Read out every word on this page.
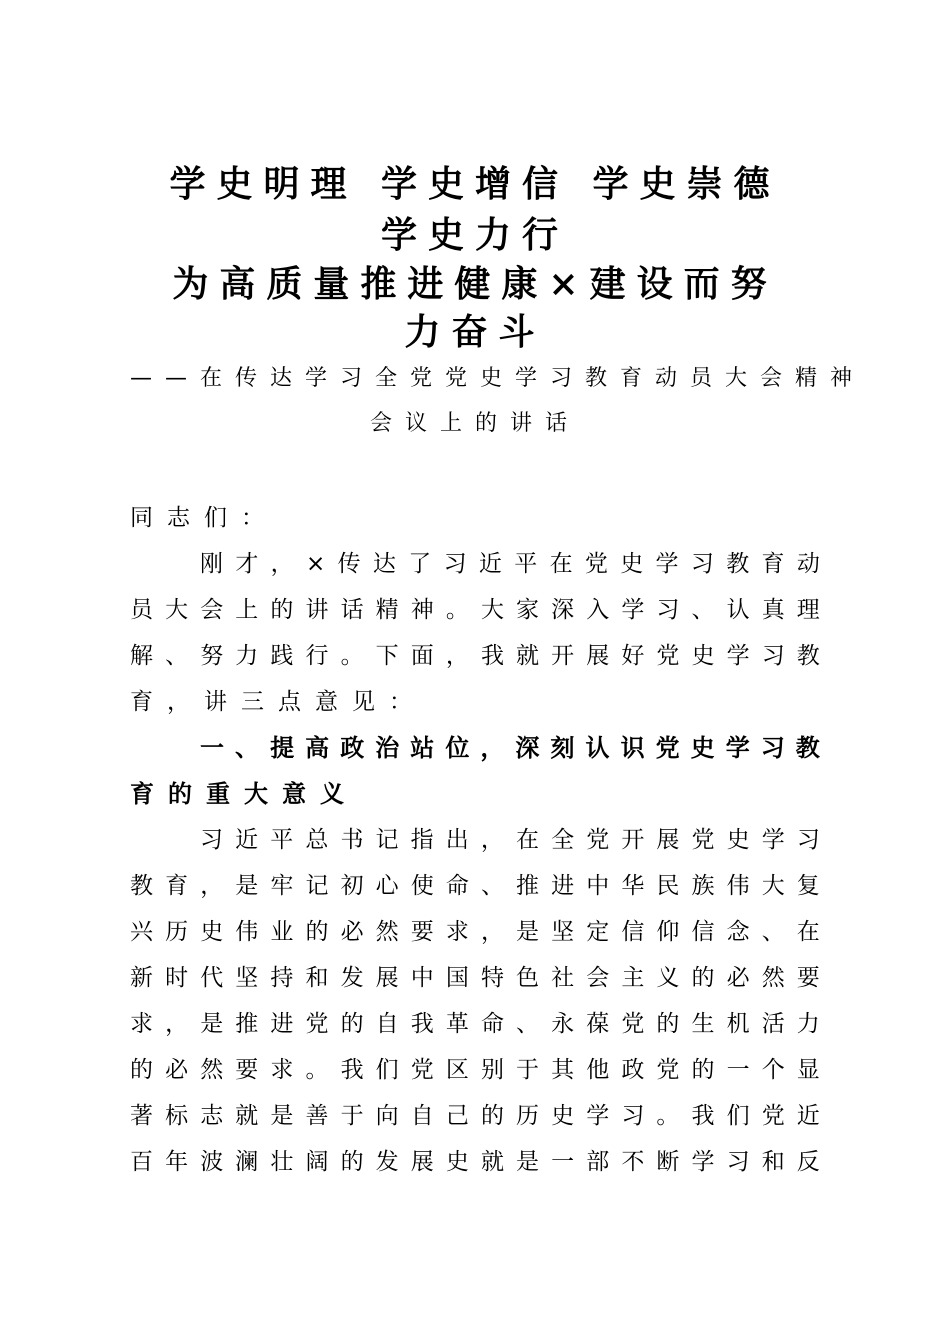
学史明理 学史增信 学史崇德
学史力行
为高质量推进健康×建设而努
力奋斗
——在传达学习全党党史学习教育动员大会精神
会议上的讲话
同志们：
刚 才 ， × 传 达 了 习 近 平 在 党 史 学 习 教 育 动
员 大 会 上 的 讲 话 精 神 。 大 家 深 入 学 习 、 认 真 理
解 、 努 力 践 行 。 下 面 ， 我 就 开 展 好 党 史 学 习 教
育，讲三点意见：
一 、 提 高 政 治 站 位 ， 深 刻 认 识 党 史 学 习 教
育的重大意义
习 近 平 总 书 记 指 出 ， 在 全 党 开 展 党 史 学 习
教 育 ， 是 牢 记 初 心 使 命 、 推 进 中 华 民 族 伟 大 复
兴 历 史 伟 业 的 必 然 要 求 ， 是 坚 定 信 仰 信 念 、 在
新 时 代 坚 持 和 发 展 中 国 特 色 社 会 主 义 的 必 然 要
求 ， 是 推 进 党 的 自 我 革 命 、 永 葆 党 的 生 机 活 力
的 必 然 要 求 。 我 们 党 区 别 于 其 他 政 党 的 一 个 显
著 标 志 就 是 善 于 向 自 己 的 历 史 学 习 。 我 们 党 近
百 年 波 澜 壮 阔 的 发 展 史 就 是 一 部 不 断 学 习 和 反
